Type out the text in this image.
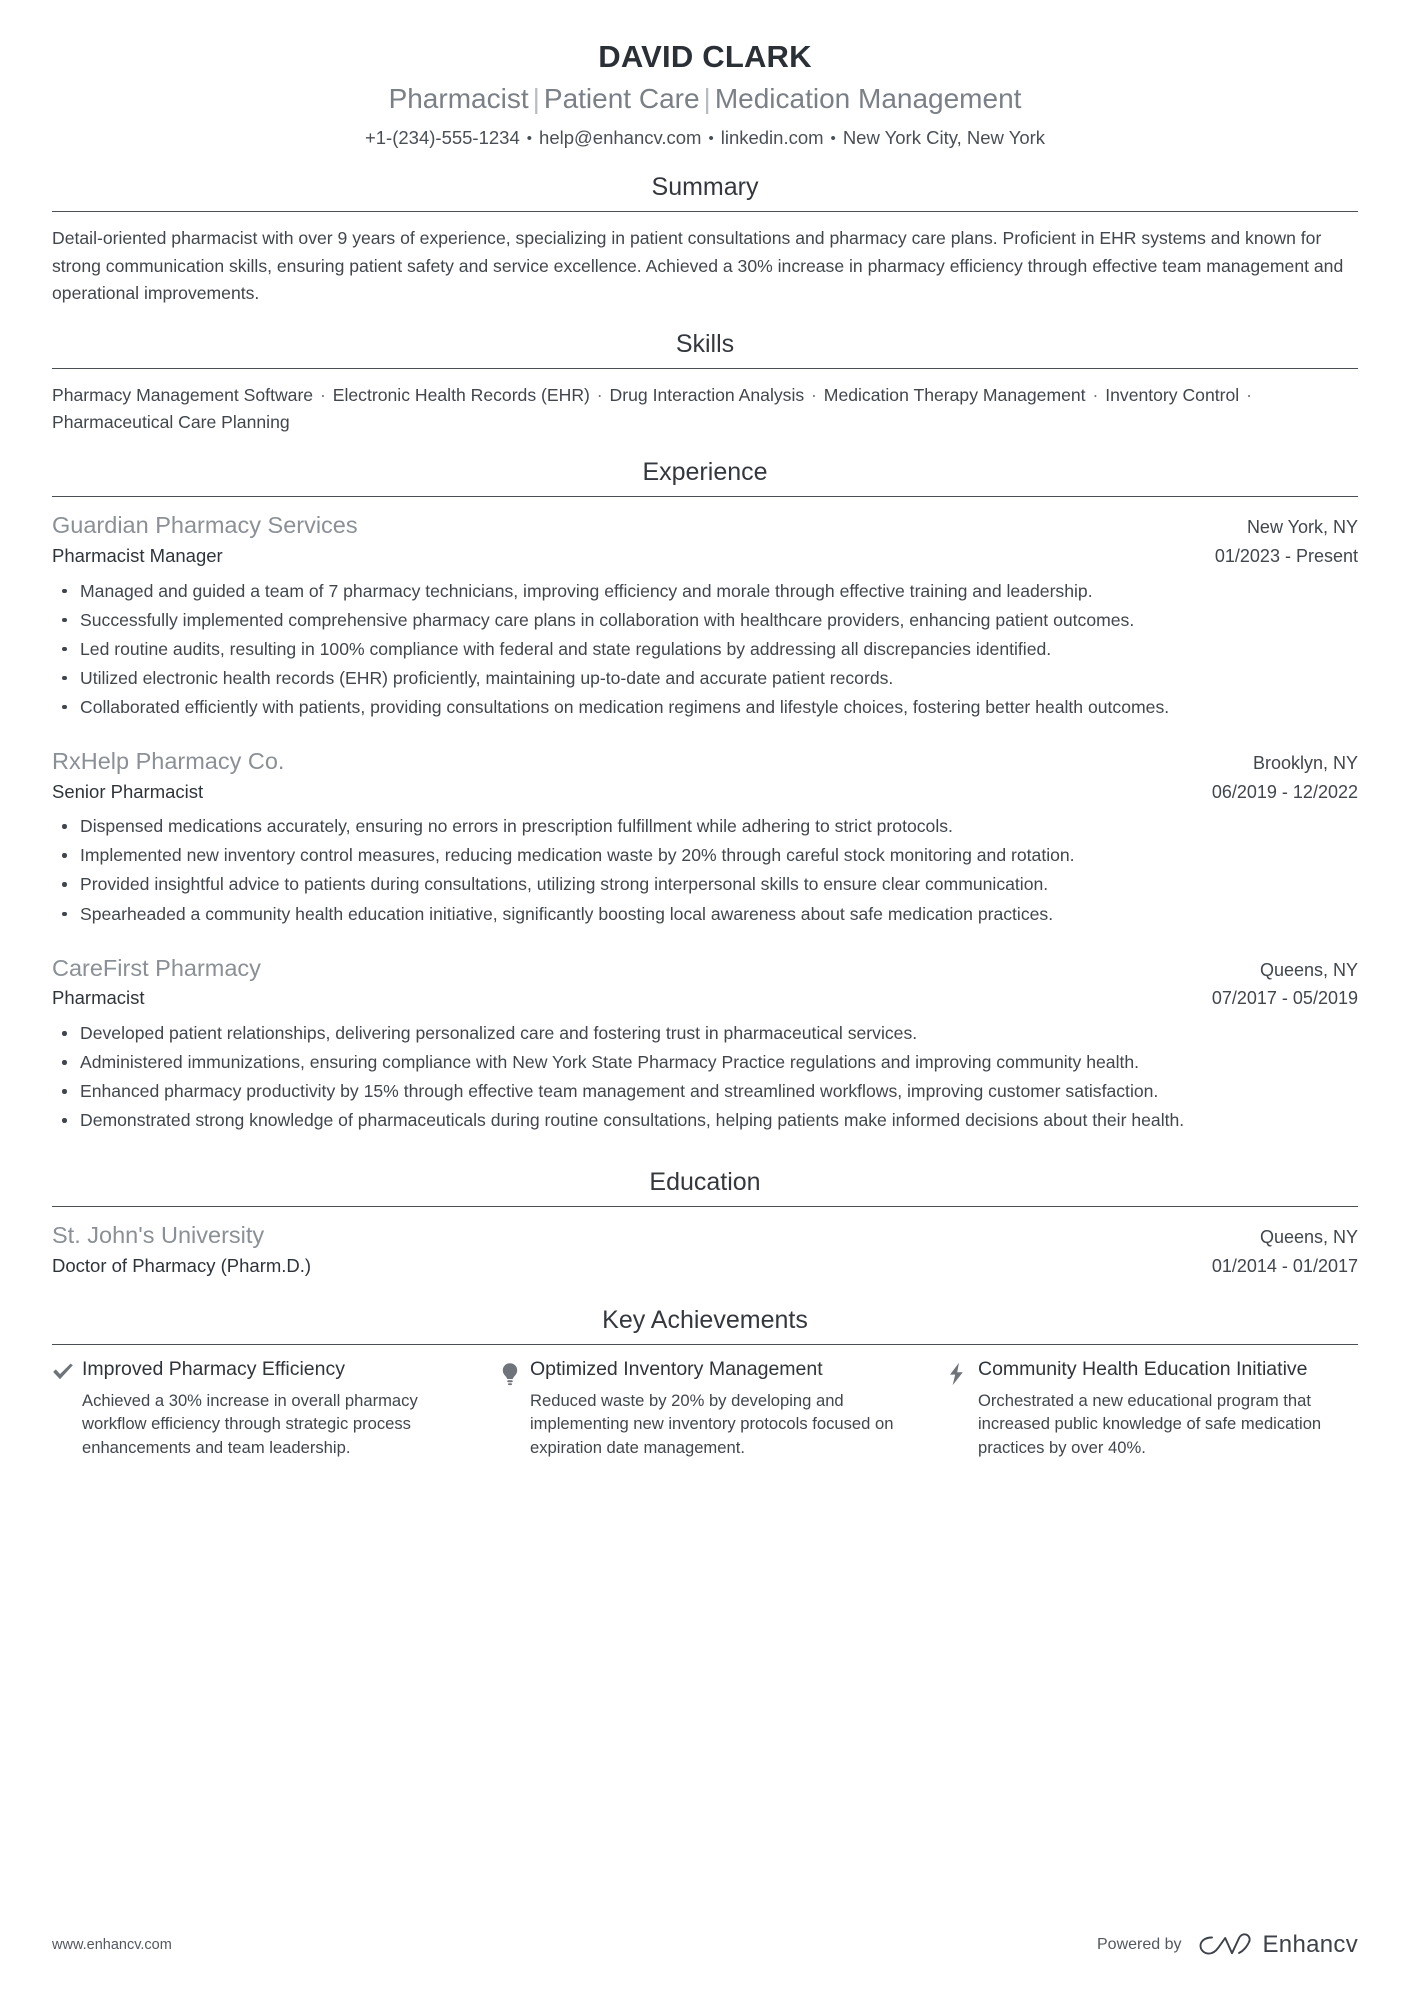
DAVID CLARK
Pharmacist | Patient Care | Medication Management
+1-(234)-555-1234 • help@enhancv.com • linkedin.com • New York City, New York
Summary
Detail-oriented pharmacist with over 9 years of experience, specializing in patient consultations and pharmacy care plans. Proficient in EHR systems and known for strong communication skills, ensuring patient safety and service excellence. Achieved a 30% increase in pharmacy efficiency through effective team management and operational improvements.
Skills
Pharmacy Management Software · Electronic Health Records (EHR) · Drug Interaction Analysis · Medication Therapy Management · Inventory Control · Pharmaceutical Care Planning
Experience
Guardian Pharmacy Services	New York, NY
Pharmacist Manager	01/2023 - Present
Managed and guided a team of 7 pharmacy technicians, improving efficiency and morale through effective training and leadership.
Successfully implemented comprehensive pharmacy care plans in collaboration with healthcare providers, enhancing patient outcomes.
Led routine audits, resulting in 100% compliance with federal and state regulations by addressing all discrepancies identified.
Utilized electronic health records (EHR) proficiently, maintaining up-to-date and accurate patient records.
Collaborated efficiently with patients, providing consultations on medication regimens and lifestyle choices, fostering better health outcomes.
RxHelp Pharmacy Co.	Brooklyn, NY
Senior Pharmacist	06/2019 - 12/2022
Dispensed medications accurately, ensuring no errors in prescription fulfillment while adhering to strict protocols.
Implemented new inventory control measures, reducing medication waste by 20% through careful stock monitoring and rotation.
Provided insightful advice to patients during consultations, utilizing strong interpersonal skills to ensure clear communication.
Spearheaded a community health education initiative, significantly boosting local awareness about safe medication practices.
CareFirst Pharmacy	Queens, NY
Pharmacist	07/2017 - 05/2019
Developed patient relationships, delivering personalized care and fostering trust in pharmaceutical services.
Administered immunizations, ensuring compliance with New York State Pharmacy Practice regulations and improving community health.
Enhanced pharmacy productivity by 15% through effective team management and streamlined workflows, improving customer satisfaction.
Demonstrated strong knowledge of pharmaceuticals during routine consultations, helping patients make informed decisions about their health.
Education
St. John's University	Queens, NY
Doctor of Pharmacy (Pharm.D.)	01/2014 - 01/2017
Key Achievements
Improved Pharmacy Efficiency
Achieved a 30% increase in overall pharmacy workflow efficiency through strategic process enhancements and team leadership.
Optimized Inventory Management
Reduced waste by 20% by developing and implementing new inventory protocols focused on expiration date management.
Community Health Education Initiative
Orchestrated a new educational program that increased public knowledge of safe medication practices by over 40%.
www.enhancv.com	Powered by	Enhancv
